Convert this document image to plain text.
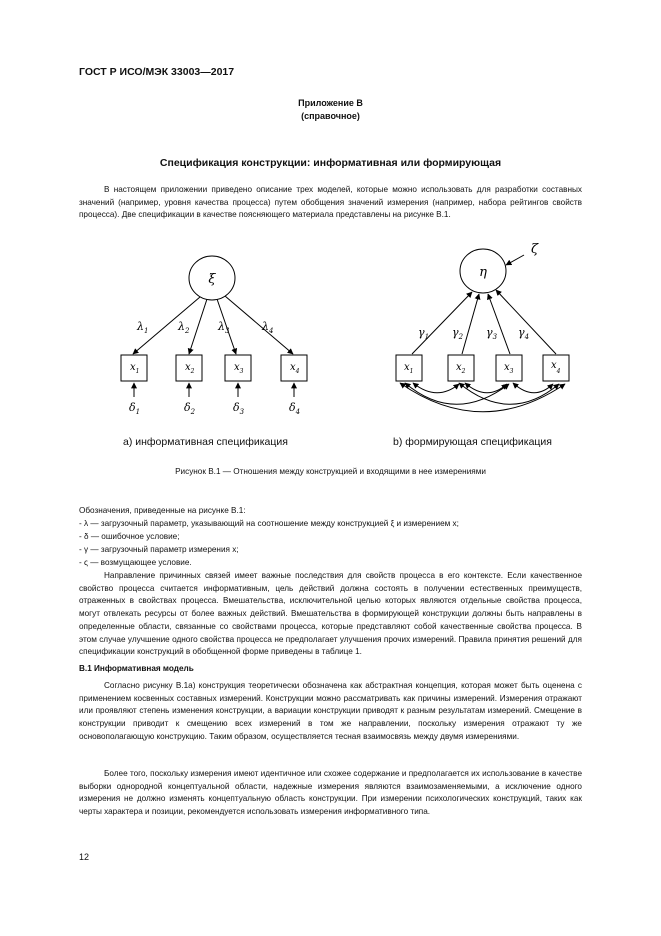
ГОСТ Р ИСО/МЭК 33003—2017
Приложение B
(справочное)
Спецификация конструкции: информативная или формирующая

В настоящем приложении приведено описание трех моделей, которые можно использовать для разработки составных значений (например, уровня качества процесса) путем обобщения значений измерения (например, набора рейтингов свойств процесса). Две спецификации в качестве поясняющего материала представлены на рисунке В.1.

ξ
$\lambda_1$	$\lambda_2$	$\lambda_3$	$\lambda_4$
$x_1$	$x_2$	$x_3$	$x_4$
$\delta_1$	$\delta_2$	$\delta_3$	$\delta_4$
η
ζ
$\gamma_1$ $\gamma_2$ $\gamma_3$ $\gamma_4$
$x_1$	$x_2$	$x_3$
$x_4$
а) информативная спецификация	b) формирующая спецификация
Рисунок В.1 — Отношения между конструкцией и входящими в нее измерениями
Обозначения, приведенные на рисунке В.1:
- λ — загрузочный параметр, указывающий на соотношение между конструкцией ξ и измерением x;
- δ — ошибочное условие;
- γ — загрузочный параметр измерения x;
- ς — возмущающее условие.

Направление причинных связей имеет важные последствия для свойств процесса в его контексте. Если качественное свойство процесса считается информативным, цель действий должна состоять в получении естественных преимуществ, отраженных в свойствах процесса. Вмешательства, исключительной целью которых являются отдельные свойства процесса, могут отвлекать ресурсы от более важных действий. Вмешательства в формирующей конструкции должны быть направлены в определенные области, связанные со свойствами процесса, которые представляют собой качественные свойства процесса. В этом случае улучшение одного свойства процесса не предполагает улучшения прочих измерений. Правила принятия решений для спецификации конструкций в обобщенной форме приведены в таблице 1.

В.1 Информативная модель

Согласно рисунку В.1а) конструкция теоретически обозначена как абстрактная концепция, которая может быть оценена с применением косвенных составных измерений. Конструкции можно рассматривать как причины измерений. Измерения отражают или проявляют степень изменения конструкции, а вариации конструкции приводят к разным результатам измерений. Смещение в конструкции приводит к смещению всех измерений в том же направлении, поскольку измерения отражают ту же основополагающую конструкцию. Таким образом, осуществляется тесная взаимосвязь между двумя измерениями.

Более того, поскольку измерения имеют идентичное или схожее содержание и предполагается их использование в качестве выборки однородной концептуальной области, надежные измерения являются взаимозаменяемыми, а исключение одного измерения не должно изменять концептуальную область конструкции. При измерении психологических конструкций, таких как черты характера и позиции, рекомендуется использовать измерения информативного типа.

12
